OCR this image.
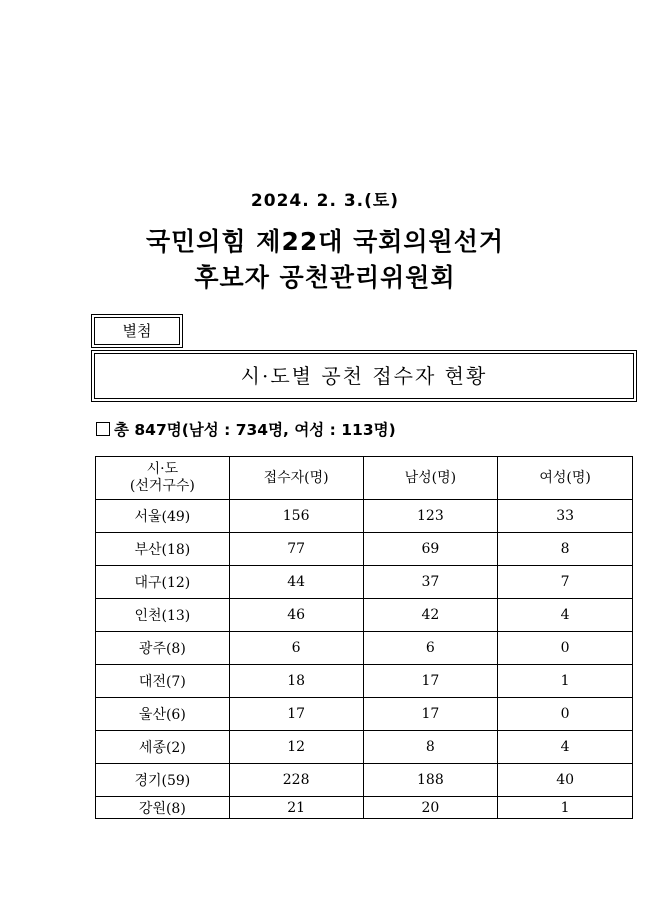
2024. 2. 3.(토)
국민의힘 제22대 국회의원선거
후보자 공천관리위원회
별첨
시·도별 공천 접수자 현황
총 847명(남성 : 734명, 여성 : 113명)
시·도
(선거구수)	접수자(명)	남성(명)	여성(명)
서울(49)	156	123	33
부산(18)	77	69	8
대구(12)	44	37	7
인천(13)	46	42	4
광주(8)	6	6	0
대전(7)	18	17	1
울산(6)	17	17	0
세종(2)	12	8	4
경기(59)	228	188	40
강원(8)	21	20	1
